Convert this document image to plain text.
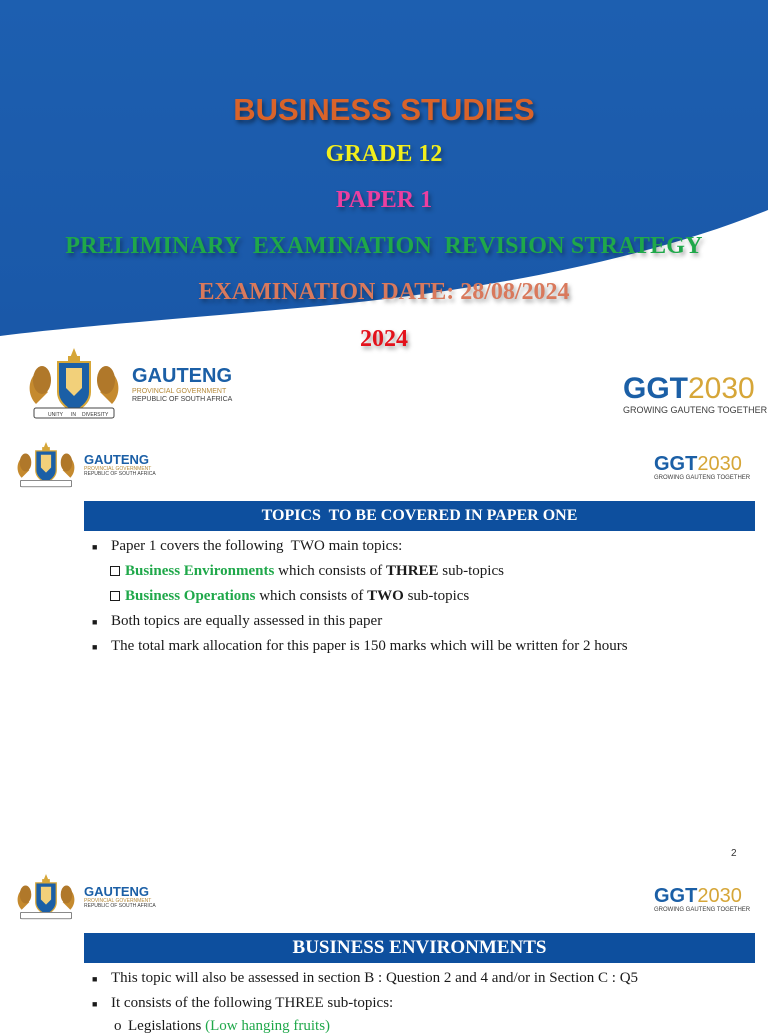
BUSINESS STUDIES
GRADE 12
PAPER 1
PRELIMINARY  EXAMINATION  REVISION STRATEGY
EXAMINATION DATE: 28/08/2024
2024
UNITY IN DIVERSITY
GAUTENG
PROVINCIAL GOVERNMENT
REPUBLIC OF SOUTH AFRICA	GGT2030
GROWING GAUTENG TOGETHER
GAUTENG
PROVINCIAL GOVERNMENT
REPUBLIC OF SOUTH AFRICA	GGT2030
GROWING GAUTENG TOGETHER
TOPICS  TO BE COVERED IN PAPER ONE
■ Paper 1 covers the following  TWO main topics:
Business Environments which consists of THREE sub-topics
Business Operations which consists of TWO sub-topics
■ Both topics are equally assessed in this paper
■ The total mark allocation for this paper is 150 marks which will be written for 2 hours
2
GAUTENG
PROVINCIAL GOVERNMENT
REPUBLIC OF SOUTH AFRICA	GGT2030
GROWING GAUTENG TOGETHER
BUSINESS ENVIRONMENTS
■ This topic will also be assessed in section B : Question 2 and 4 and/or in Section C : Q5
■ It consists of the following THREE sub-topics:
o Legislations (Low hanging fruits)
